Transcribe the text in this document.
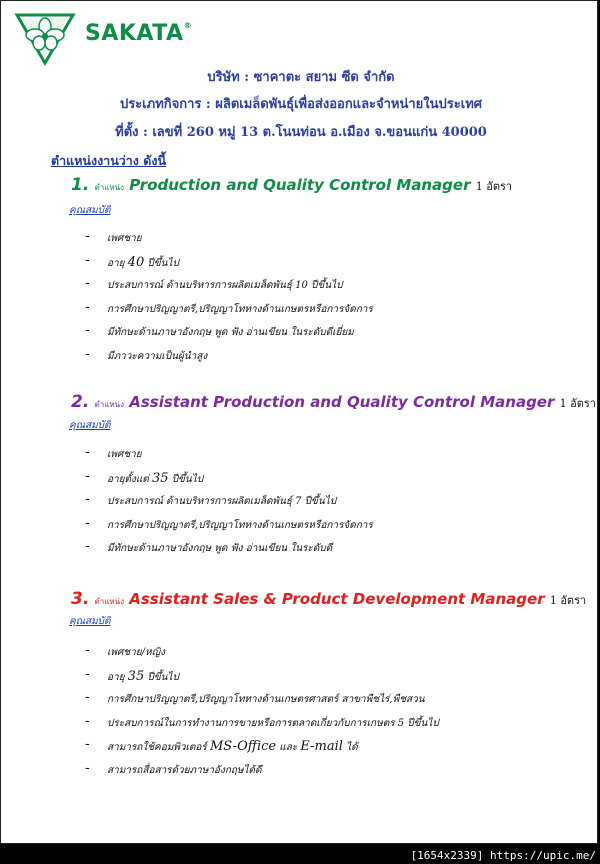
SAKATA®
บริษัท : ซาคาตะ สยาม ซีด จำกัด
ประเภทกิจการ : ผลิตเมล็ดพันธุ์เพื่อส่งออกและจำหน่ายในประเทศ
ที่ตั้ง : เลขที่ 260 หมู่ 13 ต.โนนท่อน อ.เมือง จ.ขอนแก่น 40000
ตำแหน่งงานว่าง ดังนี้
1. ตำแหน่ง Production and Quality Control Manager 1 อัตรา
คุณสมบัติ
- เพศชาย
- อายุ 40 ปีขึ้นไป
- ประสบการณ์ ด้านบริหารการผลิตเมล็ดพันธุ์ 10 ปีขึ้นไป
- การศึกษาปริญญาตรี,ปริญญาโททางด้านเกษตรหรือการจัดการ
- มีทักษะด้านภาษาอังกฤษ พูด ฟัง อ่านเขียน ในระดับดีเยี่ยม
- มีภาวะความเป็นผู้นำสูง
2. ตำแหน่ง Assistant Production and Quality Control Manager 1 อัตรา
คุณสมบัติ
- เพศชาย
- อายุตั้งแต่ 35 ปีขึ้นไป
- ประสบการณ์ ด้านบริหารการผลิตเมล็ดพันธุ์ 7 ปีขึ้นไป
- การศึกษาปริญญาตรี,ปริญญาโททางด้านเกษตรหรือการจัดการ
- มีทักษะด้านภาษาอังกฤษ พูด ฟัง อ่านเขียน ในระดับดี
3. ตำแหน่ง Assistant Sales & Product Development Manager 1 อัตรา
คุณสมบัติ
- เพศชาย/หญิง
- อายุ 35 ปีขึ้นไป
- การศึกษาปริญญาตรี,ปริญญาโททางด้านเกษตรศาสตร์ สาขาพืชไร่,พืชสวน
- ประสบการณ์ในการทำงานการขายหรือการตลาดเกี่ยวกับการเกษตร 5 ปีขึ้นไป
- สามารถใช้คอมพิวเตอร์ MS-Office และ E-mail ได้
- สามารถสื่อสารด้วยภาษาอังกฤษได้ดี
[1654x2339] https://upic.me/
